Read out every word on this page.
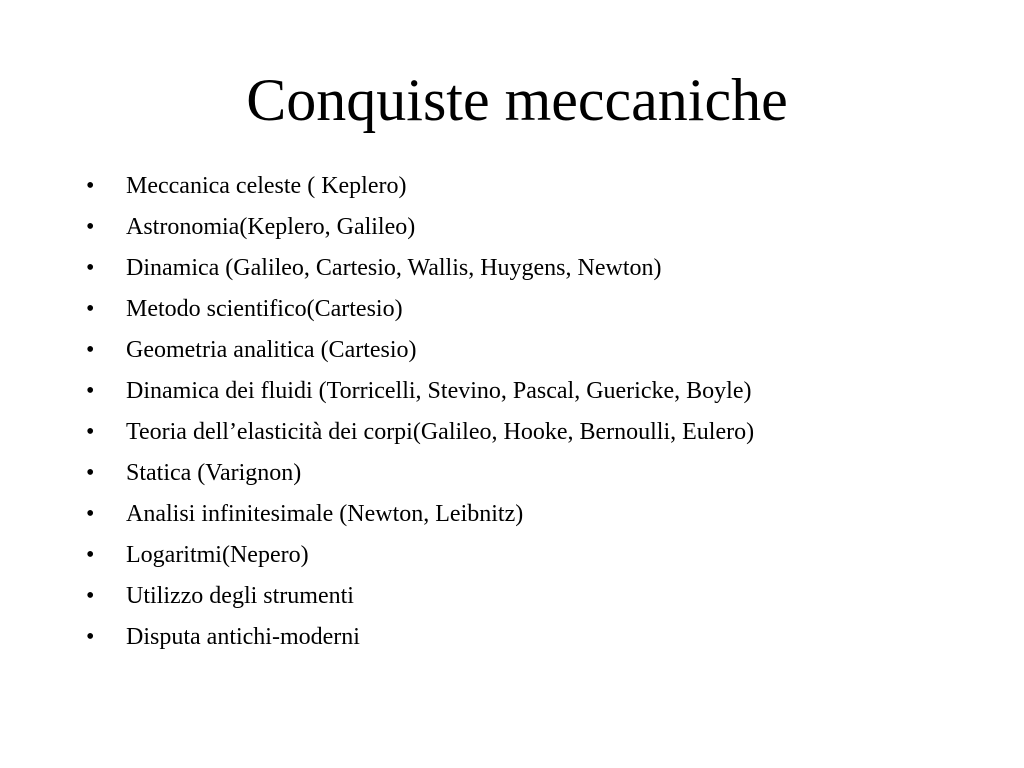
Conquiste meccaniche
•	Meccanica celeste ( Keplero)
•	Astronomia(Keplero, Galileo)
•	Dinamica (Galileo, Cartesio, Wallis, Huygens, Newton)
•	Metodo scientifico(Cartesio)
•	Geometria analitica (Cartesio)
•	Dinamica dei fluidi (Torricelli, Stevino, Pascal, Guericke, Boyle)
•	Teoria dell’elasticità dei corpi(Galileo, Hooke, Bernoulli, Eulero)
•	Statica (Varignon)
•	Analisi infinitesimale (Newton, Leibnitz)
•	Logaritmi(Nepero)
•	Utilizzo degli strumenti
•	Disputa antichi-moderni
